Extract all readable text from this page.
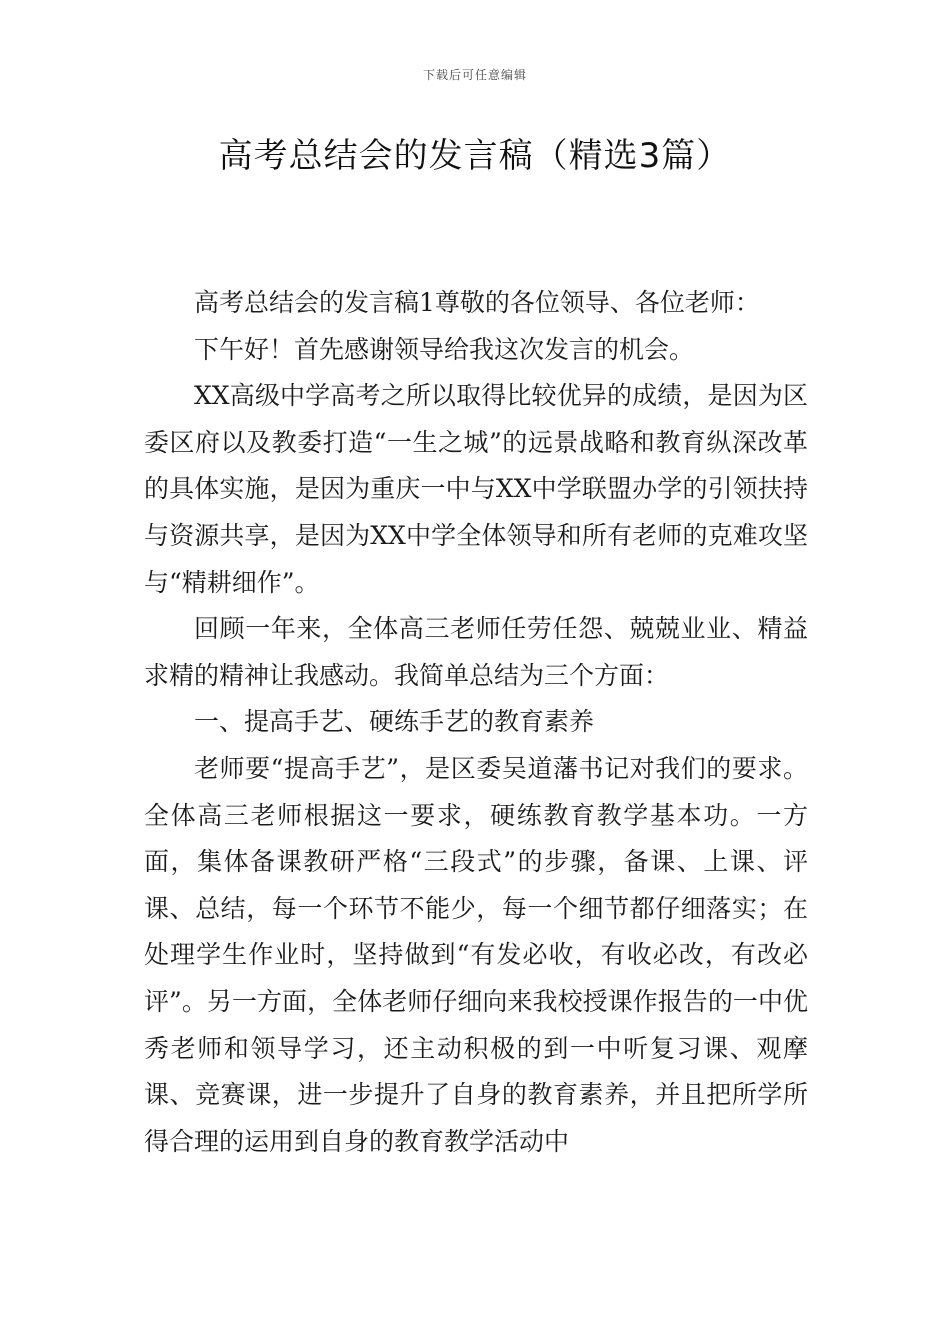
下载后可任意编辑
高考总结会的发言稿（精选3篇）

高考总结会的发言稿1尊敬的各位领导、各位老师：

下午好！首先感谢领导给我这次发言的机会。

XX高级中学高考之所以取得比较优异的成绩，是因为区委区府以及教委打造“一生之城”的远景战略和教育纵深改革的具体实施，是因为重庆一中与XX中学联盟办学的引领扶持与资源共享，是因为XX中学全体领导和所有老师的克难攻坚与“精耕细作”。

回顾一年来，全体高三老师任劳任怨、兢兢业业、精益求精的精神让我感动。我简单总结为三个方面：

一、提高手艺、硬练手艺的教育素养

老师要“提高手艺”，是区委吴道藩书记对我们的要求。全体高三老师根据这一要求，硬练教育教学基本功。一方面，集体备课教研严格“三段式”的步骤，备课、上课、评课、总结，每一个环节不能少，每一个细节都仔细落实；在处理学生作业时，坚持做到“有发必收，有收必改，有改必评”。另一方面，全体老师仔细向来我校授课作报告的一中优秀老师和领导学习，还主动积极的到一中听复习课、观摩课、竞赛课，进一步提升了自身的教育素养，并且把所学所得合理的运用到自身的教育教学活动中
